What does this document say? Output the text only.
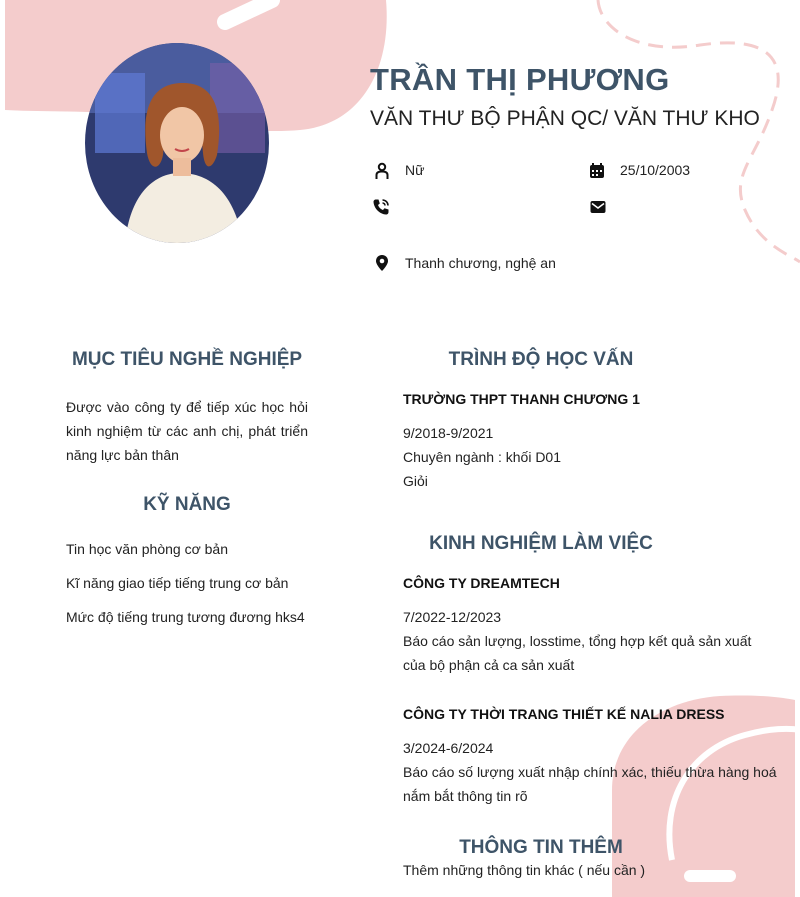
TRẦN THỊ PHƯƠNG
VĂN THƯ BỘ PHẬN QC/ VĂN THƯ KHO
Nữ	25/10/2003
Thanh chương, nghệ an
MỤC TIÊU NGHỀ NGHIỆP
Được vào công ty để tiếp xúc học hỏi kinh nghiệm từ các anh chị, phát triển năng lực bản thân
KỸ NĂNG
Tin học văn phòng cơ bản
Kĩ năng giao tiếp tiếng trung cơ bản
Mức độ tiếng trung tương đương hks4
TRÌNH ĐỘ HỌC VẤN
TRƯỜNG THPT THANH CHƯƠNG 1
9/2018-9/2021
Chuyên ngành : khối D01
Giỏi
KINH NGHIỆM LÀM VIỆC
CÔNG TY DREAMTECH
7/2022-12/2023
Báo cáo sản lượng, losstime, tổng hợp kết quả sản xuất của bộ phận cả ca sản xuất
CÔNG TY THỜI TRANG THIẾT KẾ NALIA DRESS
3/2024-6/2024
Báo cáo số lượng xuất nhập chính xác, thiếu thừa hàng hoá nắm bắt thông tin rõ
THÔNG TIN THÊM
Thêm những thông tin khác ( nếu cần )
